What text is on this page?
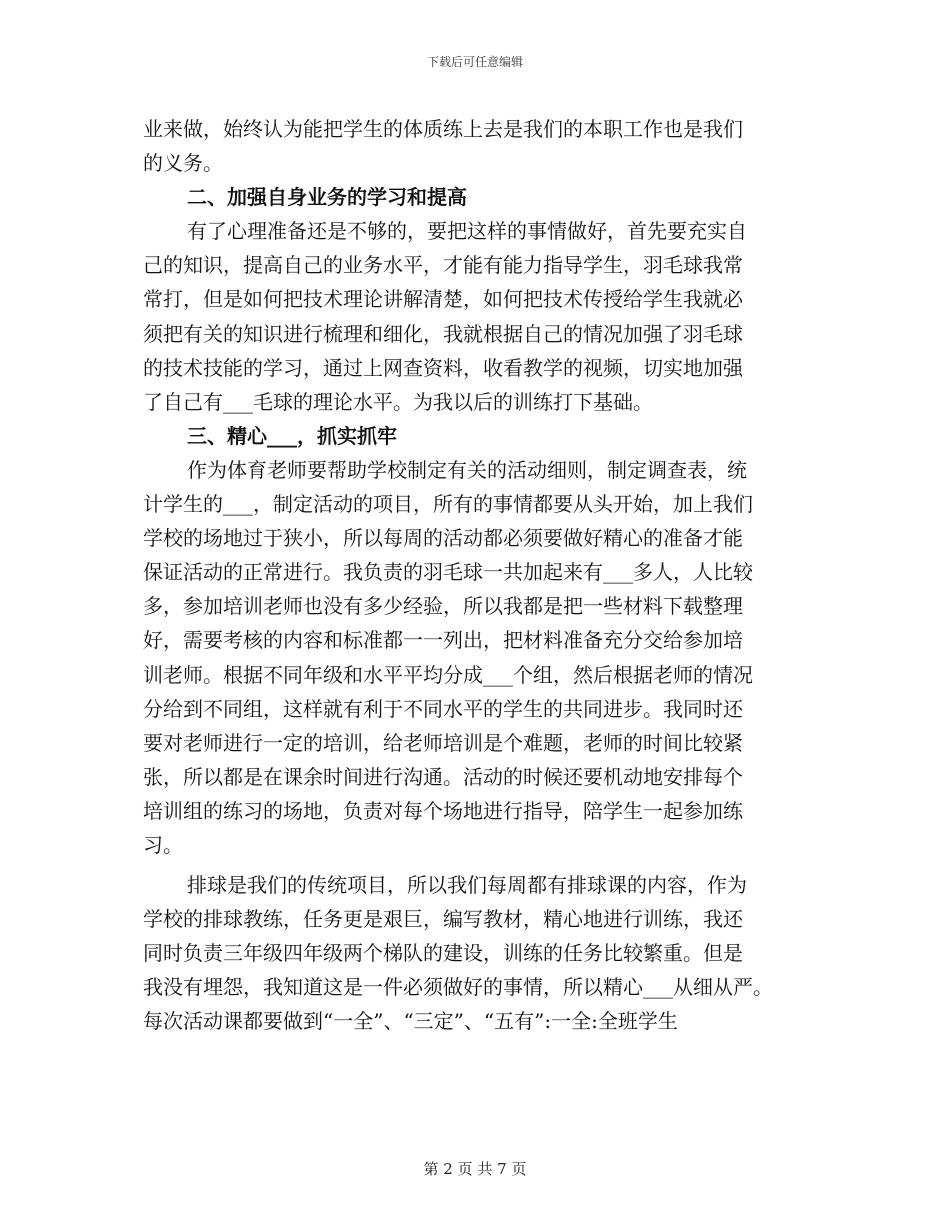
下载后可任意编辑
业来做，始终认为能把学生的体质练上去是我们的本职工作也是我们
的义务。
二、加强自身业务的学习和提高
有了心理准备还是不够的，要把这样的事情做好，首先要充实自
己的知识，提高自己的业务水平，才能有能力指导学生，羽毛球我常
常打，但是如何把技术理论讲解清楚，如何把技术传授给学生我就必
须把有关的知识进行梳理和细化，我就根据自己的情况加强了羽毛球
的技术技能的学习，通过上网查资料，收看教学的视频，切实地加强
了自己有___毛球的理论水平。为我以后的训练打下基础。
三、精心___，抓实抓牢
作为体育老师要帮助学校制定有关的活动细则，制定调查表，统
计学生的___，制定活动的项目，所有的事情都要从头开始，加上我们
学校的场地过于狭小，所以每周的活动都必须要做好精心的准备才能
保证活动的正常进行。我负责的羽毛球一共加起来有___多人，人比较
多，参加培训老师也没有多少经验，所以我都是把一些材料下载整理
好，需要考核的内容和标准都一一列出，把材料准备充分交给参加培
训老师。根据不同年级和水平平均分成___个组，然后根据老师的情况
分给到不同组，这样就有利于不同水平的学生的共同进步。我同时还
要对老师进行一定的培训，给老师培训是个难题，老师的时间比较紧
张，所以都是在课余时间进行沟通。活动的时候还要机动地安排每个
培训组的练习的场地，负责对每个场地进行指导，陪学生一起参加练
习。
排球是我们的传统项目，所以我们每周都有排球课的内容，作为
学校的排球教练，任务更是艰巨，编写教材，精心地进行训练，我还
同时负责三年级四年级两个梯队的建设，训练的任务比较繁重。但是
我没有埋怨，我知道这是一件必须做好的事情，所以精心___从细从严。
每次活动课都要做到“一全”、“三定”、“五有”:一全:全班学生
第 2 页 共 7 页
